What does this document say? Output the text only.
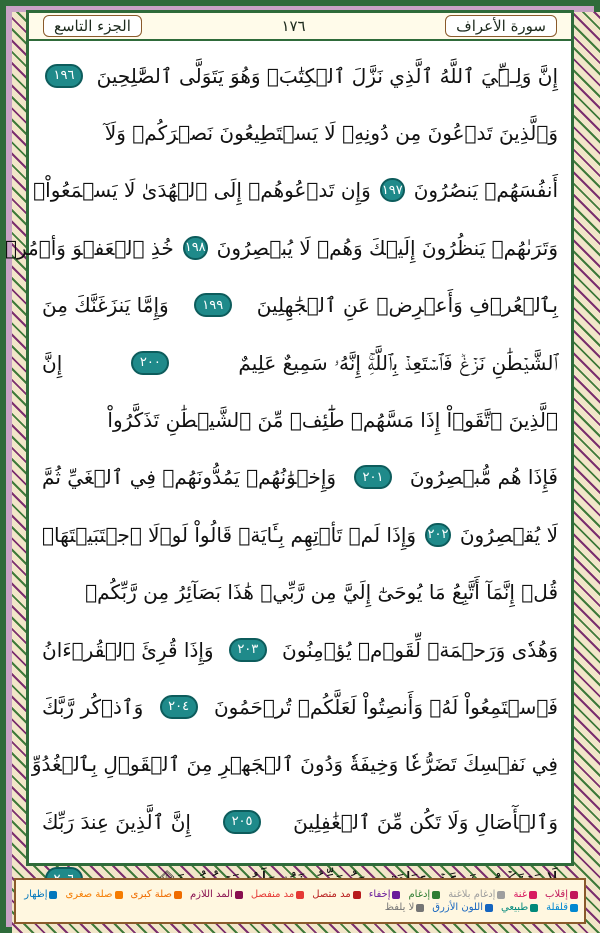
الجزء التاسع	١٧٦	سورة الأعراف
إِنَّ وَلِـِّۧيَ ٱللَّهُ ٱلَّذِي نَزَّلَ ٱلۡكِتَٰبَۖ وَهُوَ يَتَوَلَّى ٱلصَّٰلِحِينَ
١٩٦
وَٱلَّذِينَ تَدۡعُونَ مِن دُونِهِۦ لَا يَسۡتَطِيعُونَ نَصۡرَكُمۡ وَلَآ
أَنفُسَهُمۡ يَنصُرُونَ
١٩٧
وَإِن تَدۡعُوهُمۡ إِلَى ٱلۡهُدَىٰ لَا يَسۡمَعُواْۖ
وَتَرَىٰهُمۡ يَنظُرُونَ إِلَيۡكَ وَهُمۡ لَا يُبۡصِرُونَ
١٩٨
خُذِ ٱلۡعَفۡوَ وَأۡمُرۡ
بِٱلۡعُرۡفِ وَأَعۡرِضۡ عَنِ ٱلۡجَٰهِلِينَ
١٩٩
وَإِمَّا يَنزَغَنَّكَ مِنَ
ٱلشَّيۡطَٰنِ نَزۡغٞ فَٱسۡتَعِذۡ بِٱللَّهِۚ إِنَّهُۥ سَمِيعٌ عَلِيمٌ
٢٠٠
إِنَّ
ٱلَّذِينَ ٱتَّقَوۡاْ إِذَا مَسَّهُمۡ طَٰٓئِفٞ مِّنَ ٱلشَّيۡطَٰنِ تَذَكَّرُواْ
فَإِذَا هُم مُّبۡصِرُونَ
٢٠١
وَإِخۡوَٰنُهُمۡ يَمُدُّونَهُمۡ فِي ٱلۡغَيِّ ثُمَّ
لَا يُقۡصِرُونَ
٢٠٢
وَإِذَا لَمۡ تَأۡتِهِم بِـَٔايَةٖ قَالُواْ لَوۡلَا ٱجۡتَبَيۡتَهَاۚ
قُلۡ إِنَّمَآ أَتَّبِعُ مَا يُوحَىٰٓ إِلَيَّ مِن رَّبِّيۚ هَٰذَا بَصَآئِرُ مِن رَّبِّكُمۡ
وَهُدٗى وَرَحۡمَةٞ لِّقَوۡمٖ يُؤۡمِنُونَ
٢٠٣
وَإِذَا قُرِئَ ٱلۡقُرۡءَانُ
فَٱسۡتَمِعُواْ لَهُۥ وَأَنصِتُواْ لَعَلَّكُمۡ تُرۡحَمُونَ
٢٠٤
وَٱذۡكُر رَّبَّكَ
فِي نَفۡسِكَ تَضَرُّعٗا وَخِيفَةٗ وَدُونَ ٱلۡجَهۡرِ مِنَ ٱلۡقَوۡلِ بِٱلۡغُدُوِّ
وَٱلۡأٓصَالِ وَلَا تَكُن مِّنَ ٱلۡغَٰفِلِينَ
٢٠٥
إِنَّ ٱلَّذِينَ عِندَ رَبِّكَ
إقلاب
غنة
إدغام بلاغنة
إدغام
إخفاء
مد متصل
مد منفصل
المد اللازم
صلة كبرى
صلة صغرى
إظهار
قلقلة
طبيعي
اللون الأزرق
لا يلفظ
